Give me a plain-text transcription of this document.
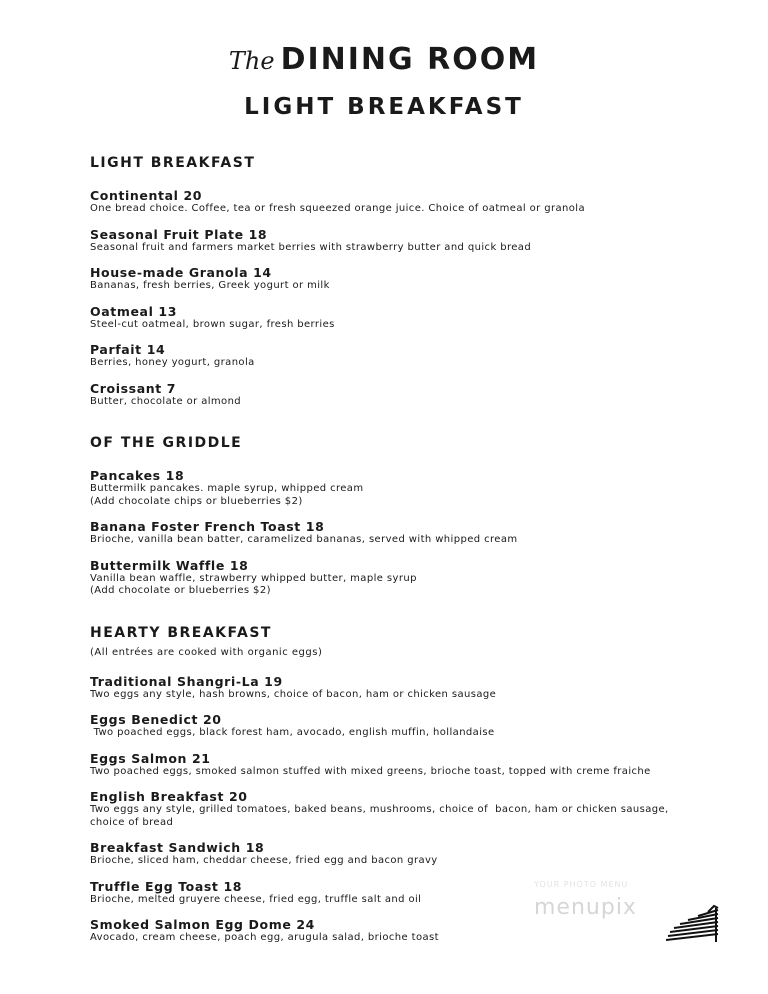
The DINING ROOM
LIGHT BREAKFAST
LIGHT BREAKFAST
Continental 20
One bread choice. Coffee, tea or fresh squeezed orange juice. Choice of oatmeal or granola
Seasonal Fruit Plate 18
Seasonal fruit and farmers market berries with strawberry butter and quick bread
House-made Granola 14
Bananas, fresh berries, Greek yogurt or milk
Oatmeal 13
Steel-cut oatmeal, brown sugar, fresh berries
Parfait 14
Berries, honey yogurt, granola
Croissant 7
Butter, chocolate or almond
OF THE GRIDDLE
Pancakes 18
Buttermilk pancakes. maple syrup, whipped cream
(Add chocolate chips or blueberries $2)
Banana Foster French Toast 18
Brioche, vanilla bean batter, caramelized bananas, served with whipped cream
Buttermilk Waffle 18
Vanilla bean waffle, strawberry whipped butter, maple syrup
(Add chocolate or blueberries $2)
HEARTY BREAKFAST
(All entrées are cooked with organic eggs)
Traditional Shangri-La 19
Two eggs any style, hash browns, choice of bacon, ham or chicken sausage
Eggs Benedict 20
Two poached eggs, black forest ham, avocado, english muffin, hollandaise
Eggs Salmon 21
Two poached eggs, smoked salmon stuffed with mixed greens, brioche toast, topped with creme fraiche
English Breakfast 20
Two eggs any style, grilled tomatoes, baked beans, mushrooms, choice of  bacon, ham or chicken sausage,
choice of bread
Breakfast Sandwich 18
Brioche, sliced ham, cheddar cheese, fried egg and bacon gravy
Truffle Egg Toast 18
Brioche, melted gruyere cheese, fried egg, truffle salt and oil
Smoked Salmon Egg Dome 24
Avocado, cream cheese, poach egg, arugula salad, brioche toast
YOUR PHOTO MENU
menupix
